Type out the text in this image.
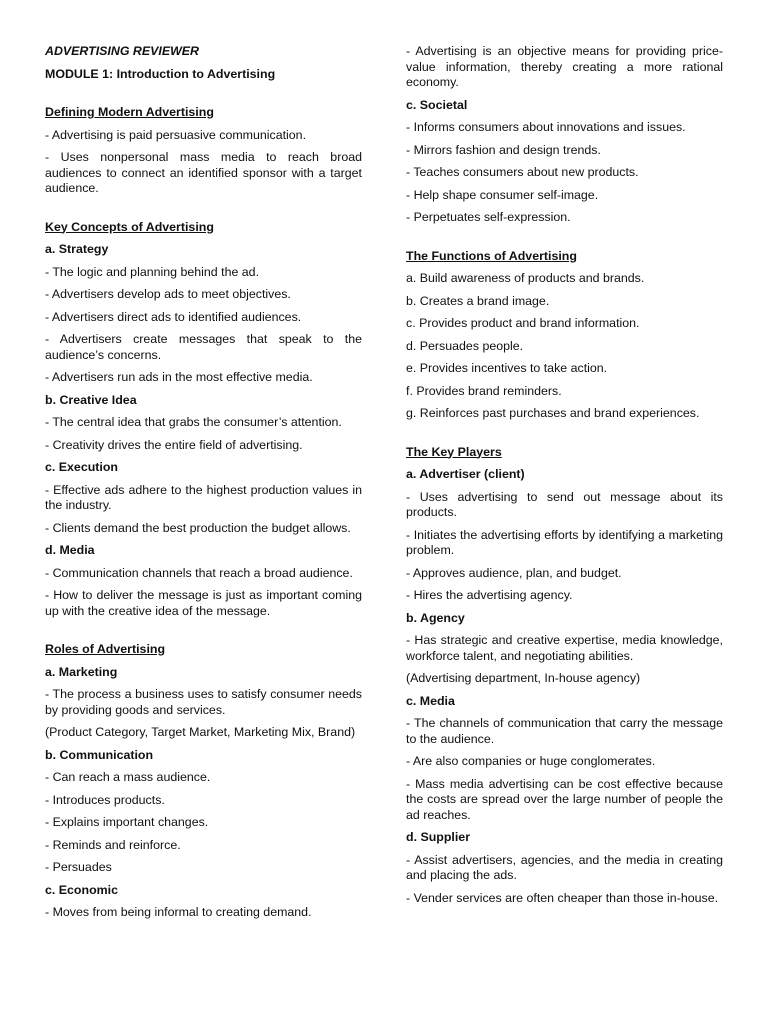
ADVERTISING REVIEWER
MODULE 1: Introduction to Advertising
Defining Modern Advertising
- Advertising is paid persuasive communication.
- Uses nonpersonal mass media to reach broad audiences to connect an identified sponsor with a target audience.
Key Concepts of Advertising
a. Strategy
- The logic and planning behind the ad.
- Advertisers develop ads to meet objectives.
- Advertisers direct ads to identified audiences.
- Advertisers create messages that speak to the audience’s concerns.
- Advertisers run ads in the most effective media.
b. Creative Idea
- The central idea that grabs the consumer’s attention.
- Creativity drives the entire field of advertising.
c. Execution
- Effective ads adhere to the highest production values in the industry.
- Clients demand the best production the budget allows.
d. Media
- Communication channels that reach a broad audience.
- How to deliver the message is just as important coming up with the creative idea of the message.
Roles of Advertising
a. Marketing
- The process a business uses to satisfy consumer needs by providing goods and services.
(Product Category, Target Market, Marketing Mix, Brand)
b. Communication
- Can reach a mass audience.
- Introduces products.
- Explains important changes.
- Reminds and reinforce.
- Persuades
c. Economic
- Moves from being informal to creating demand.
- Advertising is an objective means for providing price-value information, thereby creating a more rational economy.
c. Societal
- Informs consumers about innovations and issues.
- Mirrors fashion and design trends.
- Teaches consumers about new products.
- Help shape consumer self-image.
- Perpetuates self-expression.
The Functions of Advertising
a. Build awareness of products and brands.
b. Creates a brand image.
c. Provides product and brand information.
d. Persuades people.
e. Provides incentives to take action.
f. Provides brand reminders.
g. Reinforces past purchases and brand experiences.
The Key Players
a. Advertiser (client)
- Uses advertising to send out message about its products.
- Initiates the advertising efforts by identifying a marketing problem.
- Approves audience, plan, and budget.
- Hires the advertising agency.
b. Agency
- Has strategic and creative expertise, media knowledge, workforce talent, and negotiating abilities.
(Advertising department, In-house agency)
c. Media
- The channels of communication that carry the message to the audience.
- Are also companies or huge conglomerates.
- Mass media advertising can be cost effective because the costs are spread over the large number of people the ad reaches.
d. Supplier
- Assist advertisers, agencies, and the media in creating and placing the ads.
- Vender services are often cheaper than those in-house.
